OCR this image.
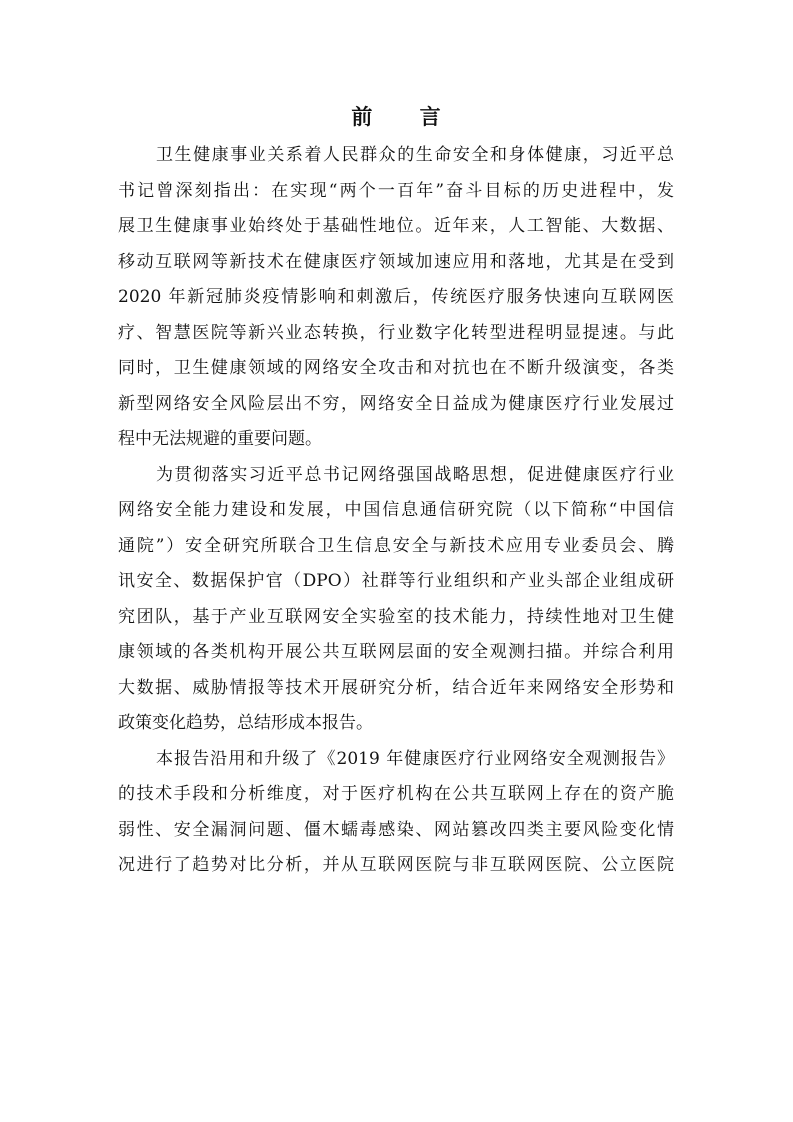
前 言
卫生健康事业关系着人民群众的生命安全和身体健康，习近平总
书记曾深刻指出：在实现“两个一百年”奋斗目标的历史进程中，发
展卫生健康事业始终处于基础性地位。近年来，人工智能、大数据、
移动互联网等新技术在健康医疗领域加速应用和落地，尤其是在受到
2020 年新冠肺炎疫情影响和刺激后，传统医疗服务快速向互联网医
疗、智慧医院等新兴业态转换，行业数字化转型进程明显提速。与此
同时，卫生健康领域的网络安全攻击和对抗也在不断升级演变，各类
新型网络安全风险层出不穷，网络安全日益成为健康医疗行业发展过
程中无法规避的重要问题。
为贯彻落实习近平总书记网络强国战略思想，促进健康医疗行业
网络安全能力建设和发展，中国信息通信研究院（以下简称“中国信
通院”）安全研究所联合卫生信息安全与新技术应用专业委员会、腾
讯安全、数据保护官（DPO）社群等行业组织和产业头部企业组成研
究团队，基于产业互联网安全实验室的技术能力，持续性地对卫生健
康领域的各类机构开展公共互联网层面的安全观测扫描。并综合利用
大数据、威胁情报等技术开展研究分析，结合近年来网络安全形势和
政策变化趋势，总结形成本报告。
本报告沿用和升级了《2019 年健康医疗行业网络安全观测报告》
的技术手段和分析维度，对于医疗机构在公共互联网上存在的资产脆
弱性、安全漏洞问题、僵木蠕毒感染、网站篡改四类主要风险变化情
况进行了趋势对比分析，并从互联网医院与非互联网医院、公立医院
